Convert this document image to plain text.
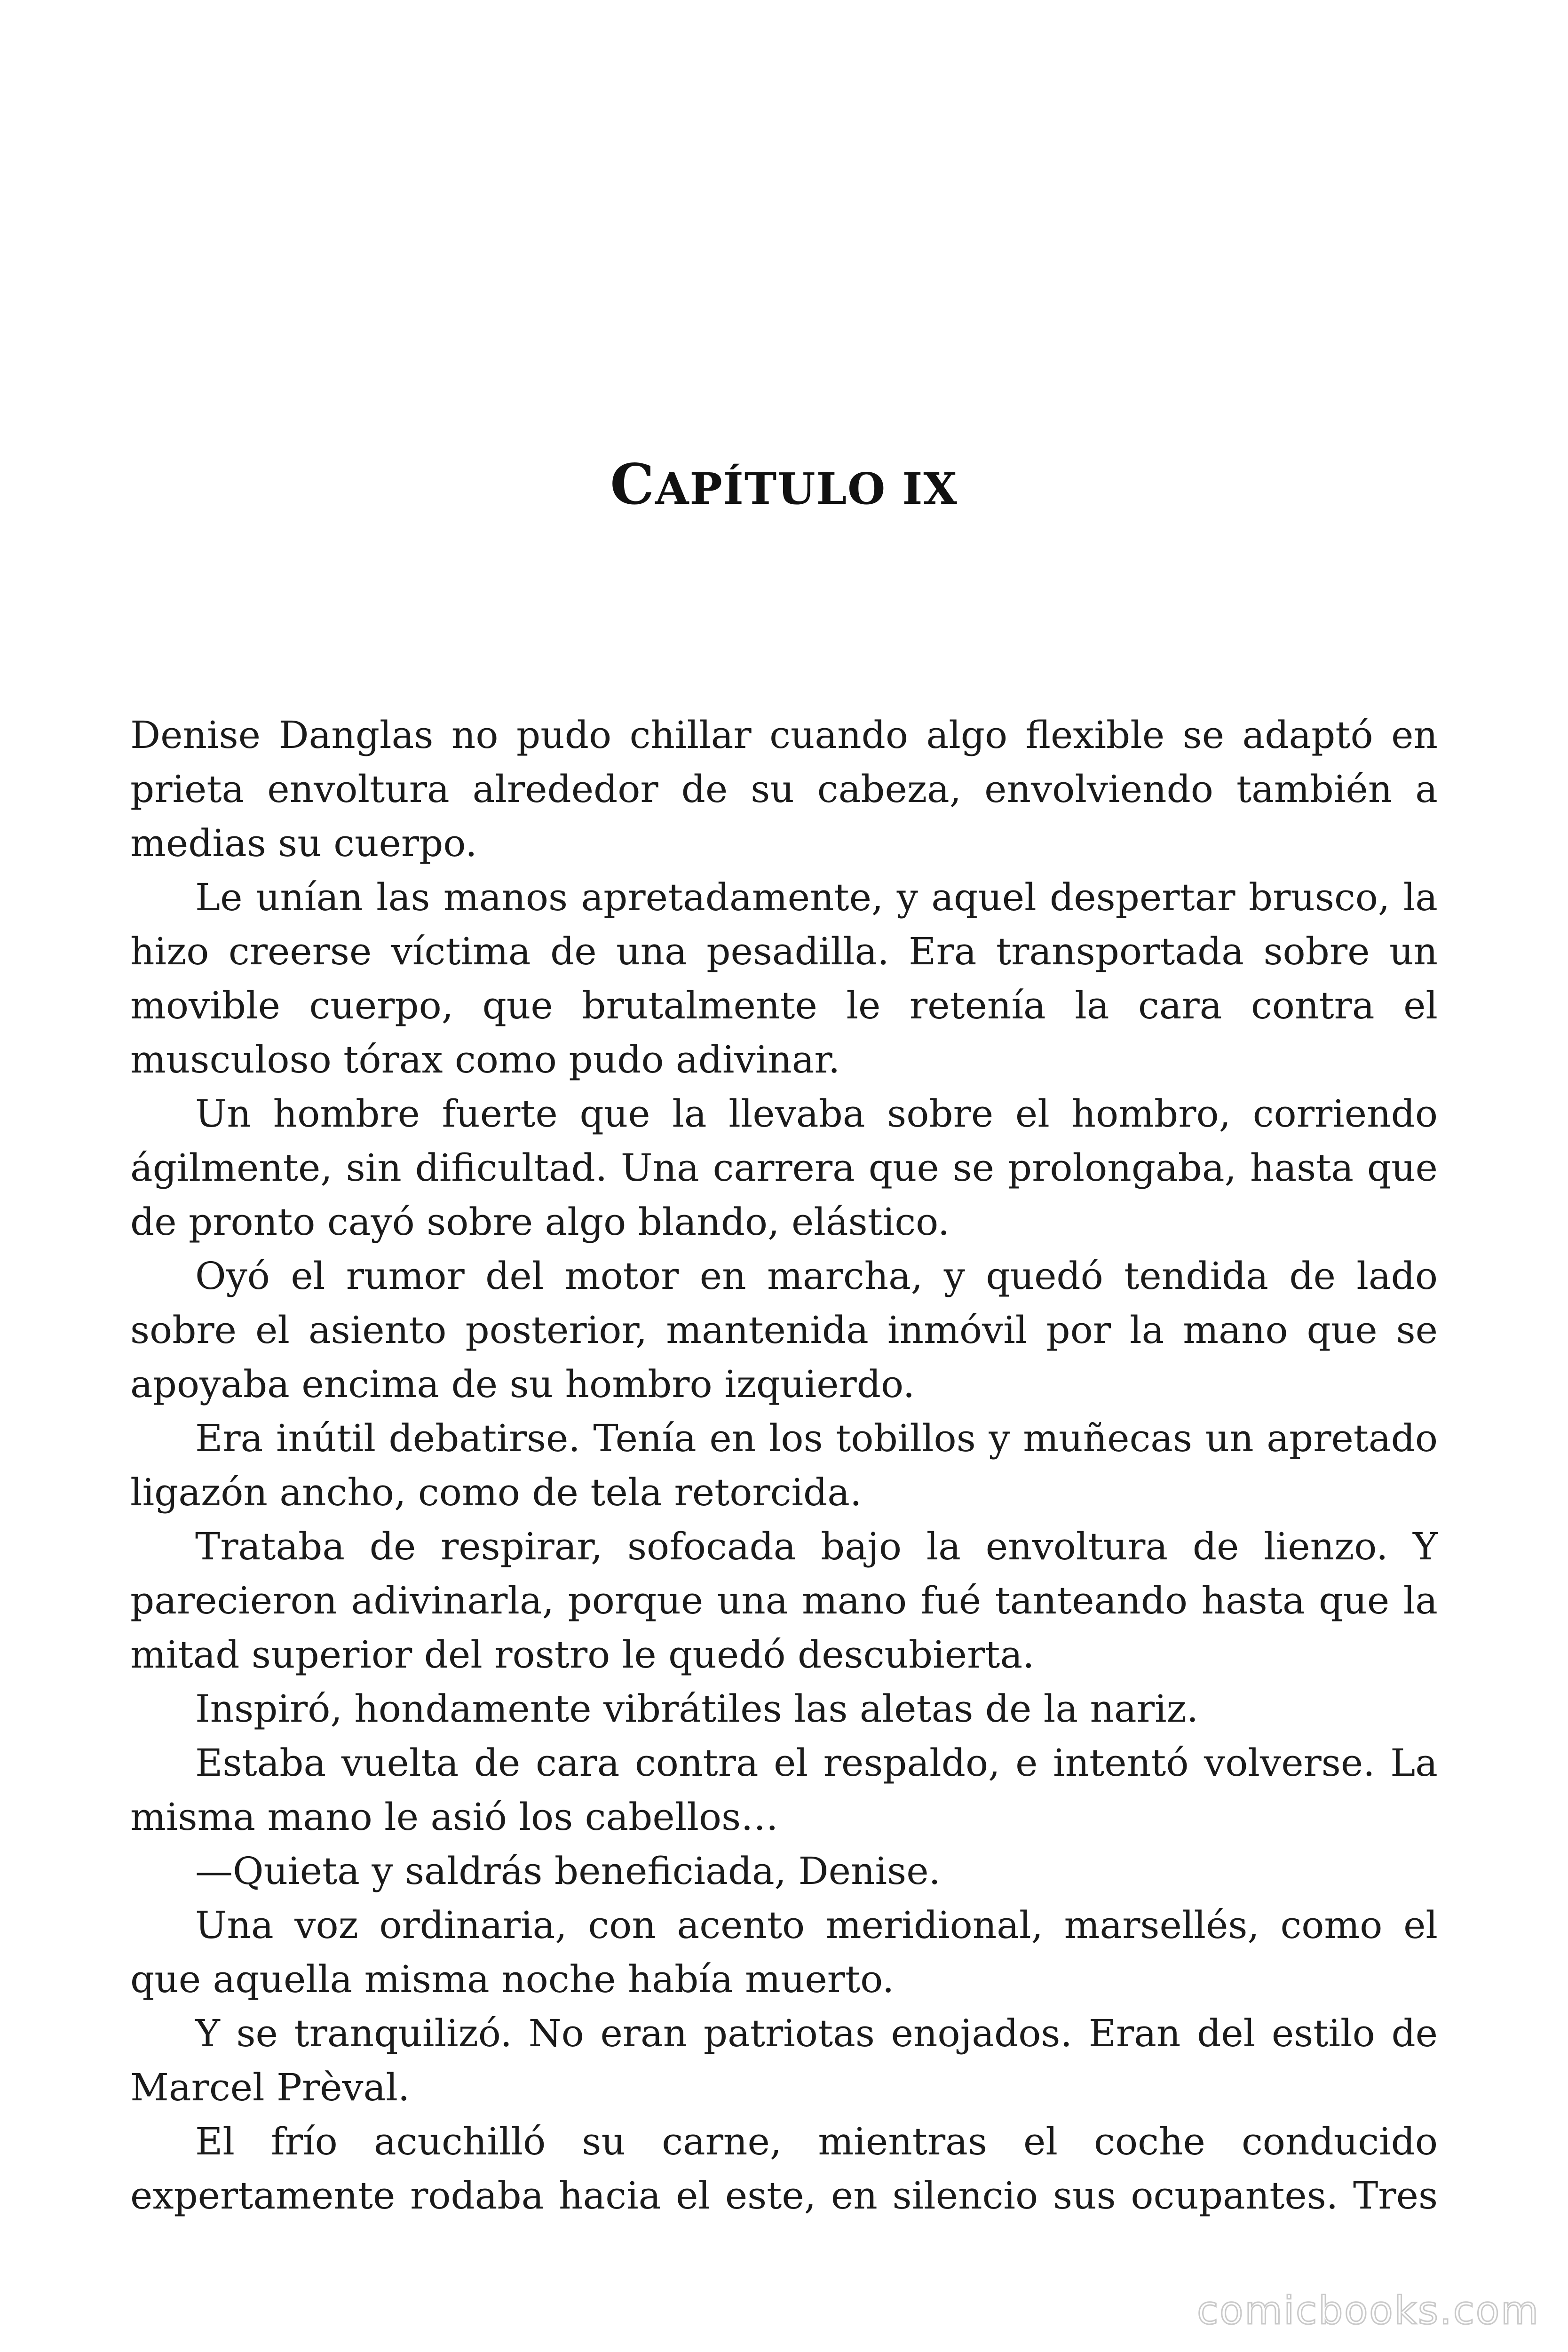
CAPÍTULO IX

Denise Danglas no pudo chillar cuando algo flexible se adaptó en prieta envoltura alrededor de su cabeza, envolviendo también a medias su cuerpo.

Le unían las manos apretadamente, y aquel despertar brusco, la hizo creerse víctima de una pesadilla. Era transportada sobre un movible cuerpo, que brutalmente le retenía la cara contra el musculoso tórax como pudo adivinar.

Un hombre fuerte que la llevaba sobre el hombro, corriendo ágilmente, sin dificultad. Una carrera que se prolongaba, hasta que de pronto cayó sobre algo blando, elástico.

Oyó el rumor del motor en marcha, y quedó tendida de lado sobre el asiento posterior, mantenida inmóvil por la mano que se apoyaba encima de su hombro izquierdo.

Era inútil debatirse. Tenía en los tobillos y muñecas un apretado ligazón ancho, como de tela retorcida.

Trataba de respirar, sofocada bajo la envoltura de lienzo. Y parecieron adivinarla, porque una mano fué tanteando hasta que la mitad superior del rostro le quedó descubierta.

Inspiró, hondamente vibrátiles las aletas de la nariz.

Estaba vuelta de cara contra el respaldo, e intentó volverse. La misma mano le asió los cabellos…

—Quieta y saldrás beneficiada, Denise.

Una voz ordinaria, con acento meridional, marsellés, como el que aquella misma noche había muerto.

Y se tranquilizó. No eran patriotas enojados. Eran del estilo de Marcel Prèval.

El frío acuchilló su carne, mientras el coche conducido expertamente rodaba hacia el este, en silencio sus ocupantes. Tres

comicbooks.com
